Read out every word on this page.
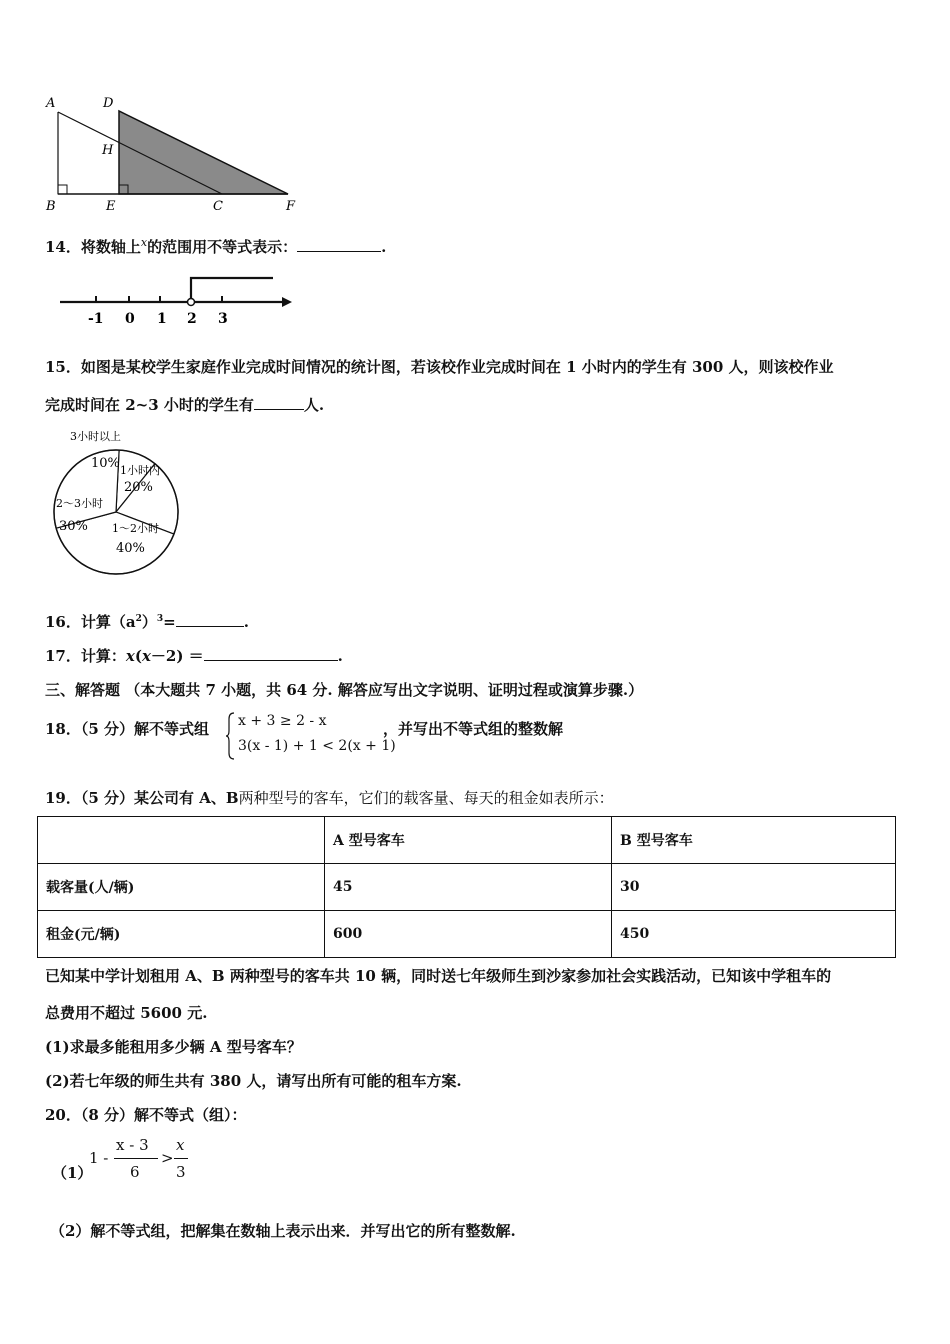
A	D
H
B	E	C	F
14．将数轴上$^x$的范围用不等式表示：	.
-1 0 1 2 3
15．如图是某校学生家庭作业完成时间情况的统计图，若该校作业完成时间在 1 小时内的学生有 300 人，则该校作业
完成时间在 2~3 小时的学生有	人.
3小时以上
10% 1小时内
20%
2～3小时
30% 1～2小时
40%
16．计算$(a^2)^3=$	.
17．计算：x(x－2) ＝	.
三、解答题 （本大题共 7 小题，共 64 分. 解答应写出文字说明、证明过程或演算步骤.）
18．（5 分）解不等式组 x + 3 ≥ 2 - x
3(x - 1) + 1 < 2(x + 1)
，并写出不等式组的整数解
19．（5 分）某公司有 A、B两种型号的客车，它们的载客量、每天的租金如表所示：
	A 型号客车	B 型号客车
载客量(人/辆)	45	30
租金(元/辆)	600	450
已知某中学计划租用 A、B 两种型号的客车共 10 辆，同时送七年级师生到沙家参加社会实践活动，已知该中学租车的
总费用不超过 5600 元.
(1)求最多能租用多少辆 A 型号客车？
(2)若七年级的师生共有 380 人，请写出所有可能的租车方案.
20．（8 分）解不等式（组）：
（1）
1 -
x - 3
6
>
x
3
（2）解不等式组，把解集在数轴上表示出来．并写出它的所有整数解.
